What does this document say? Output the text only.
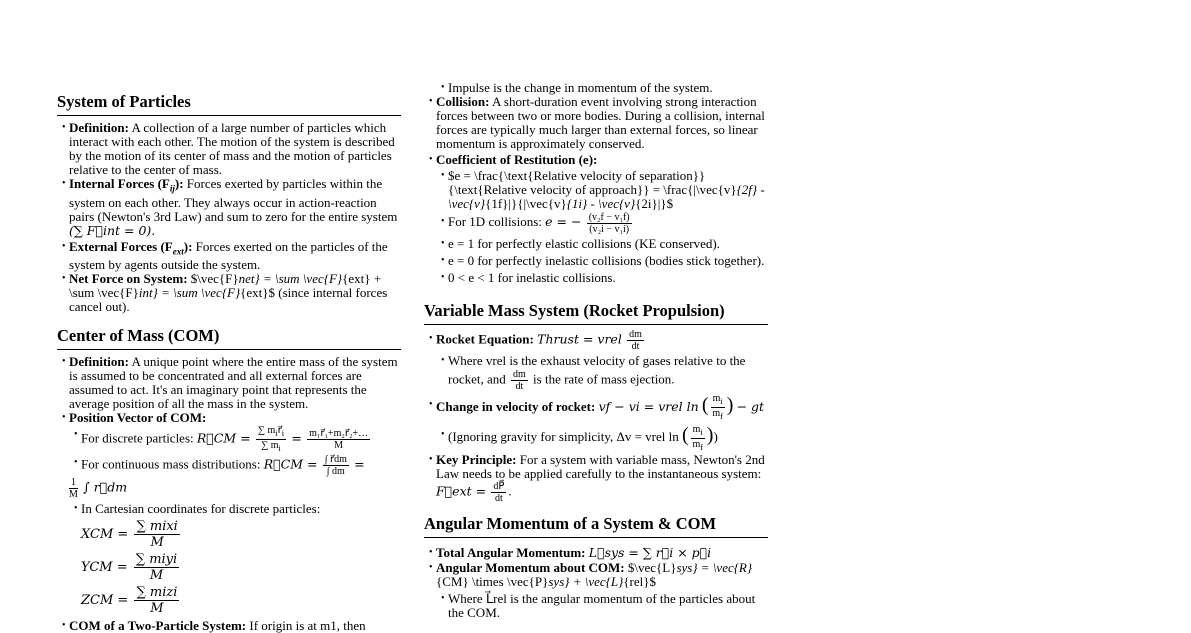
System of Particles
• Definition: A collection of a large number of particles which interact with each other. The motion of the system is described by the motion of its center of mass and the motion of particles relative to the center of mass.
• Internal Forces $(F_{ij})$: Forces exerted by particles within the system on each other. They always occur in action-reaction pairs (Newton's 3rd Law) and sum to zero for the entire system (∑ F⃗int = 0).
• External Forces $(F_{ext})$: Forces exerted on the particles of the system by agents outside the system.
• Net Force on System: $\vec{F}net} = \sum \vec{F}{ext} + \sum \vec{F}int} = \sum \vec{F}{ext}$ (since internal forces cancel out).
Center of Mass (COM)
• Definition: A unique point where the entire mass of the system is assumed to be concentrated and all external forces are assumed to act. It's an imaginary point that represents the average position of all the mass in the system.
• Position Vector of COM:
• For discrete particles: R⃗CM = $\frac{\sum m_ir⃗_i}{\sum m_i} = \frac{\text{m₁r⃗₁+m₂r⃗₂+…}}{M}$
• For continuous mass distributions: R⃗CM = $\frac{\int r⃗dm}{\int dm}$ =

$\frac{1}{M}$ ∫ r⃗dm
• In Cartesian coordinates for discrete particles:
XCM = $\frac{\text{∑ mixi}}{M}$
YCM = $\frac{\text{∑ miyi}}{M}$
ZCM = $\frac{\text{∑ mizi}}{M}$
• COM of a Two-Particle System: If origin is at m1, then
• Impulse is the change in momentum of the system.
• Collision: A short-duration event involving strong interaction forces between two or more bodies. During a collision, internal forces are typically much larger than external forces, so linear momentum is approximately conserved.
• Coefficient of Restitution (e):
• $e = \frac{\text{Relative velocity of separation}}{\text{Relative velocity of approach}} = \frac{|\vec{v}{2f} -\vec{v}{1f}|}{|\vec{v}{1i} - \vec{v}{2i}|}$
• For 1D collisions: e = − $\frac{\text{(v₂f − v₁f)}}{\text{(v₂i − v₁i)}}$
• e = 1 for perfectly elastic collisions (KE conserved).
• e = 0 for perfectly inelastic collisions (bodies stick together).
• 0 < e < 1 for inelastic collisions.
Variable Mass System (Rocket Propulsion)
• Rocket Equation: Thrust = vrel $\frac{dm}{dt}$
• Where vrel is the exhaust velocity of gases relative to the rocket, and $\frac{dm}{dt}$ is the rate of mass ejection.
• Change in velocity of rocket: vf − vi = vrel ln ( $\frac{m_i}{m_f}$ ) − gt
• (Ignoring gravity for simplicity, Δv = vrel ln ( $\frac{m_i}{m_f}$ ))
• Key Principle: For a system with variable mass, Newton's 2nd Law needs to be applied carefully to the instantaneous system:
F⃗ext = $\frac{dP⃗}{dt}$ .
Angular Momentum of a System & COM
• Total Angular Momentum: L⃗sys = ∑ r⃗i × p⃗i
• Angular Momentum about COM: $\vec{L}sys} = \vec{R}{CM} \times \vec{P}sys} + \vec{L}{rel}$
• Where L⃗rel is the angular momentum of the particles about the COM.
